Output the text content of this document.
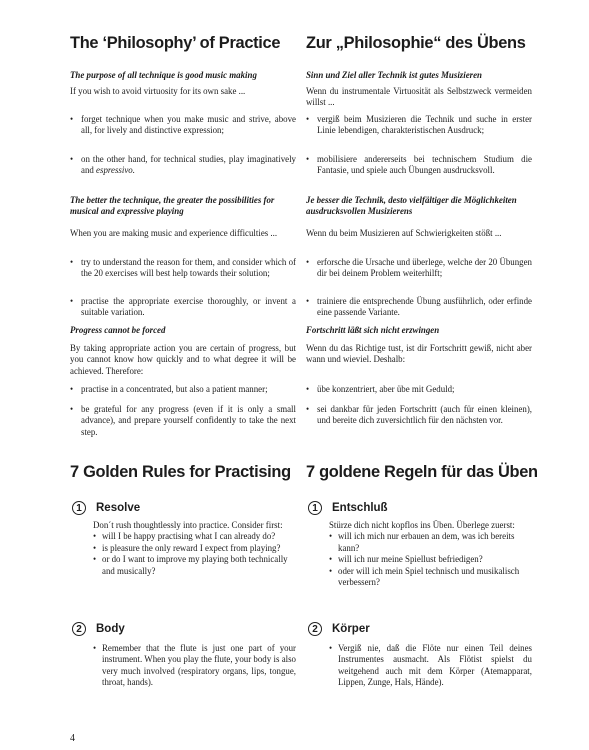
The ‘Philosophy’ of Practice

The purpose of all technique is good music making

If you wish to avoid virtuosity for its own sake ...

• forget technique when you make music and strive, above all, for lively and distinctive expression;

• on the other hand, for technical studies, play imaginatively and espressivo.

The better the technique, the greater the possibilities for musical and expressive playing

When you are making music and experience difficulties ...

• try to understand the reason for them, and consider which of the 20 exercises will best help towards their solution;

• practise the appropriate exercise thoroughly, or invent a suitable variation.

Progress cannot be forced

By taking appropriate action you are certain of progress, but you cannot know how quickly and to what degree it will be achieved. Therefore:

• practise in a concentrated, but also a patient manner;

• be grateful for any progress (even if it is only a small advance), and prepare yourself confidently to take the next step.

7 Golden Rules for Practising
1	Resolve

Don´t rush thoughtlessly into practice. Consider first:

• will I be happy practising what I can already do?

• is pleasure the only reward I expect from playing?

• or do I want to improve my playing both technically and musically?

2	Body

• Remember that the flute is just one part of your instrument. When you play the flute, your body is also very much involved (respiratory organs, lips, tongue, throat, hands).

Zur „Philosophie“ des Übens

Sinn und Ziel aller Technik ist gutes Musizieren

Wenn du instrumentale Virtuosität als Selbstzweck vermeiden willst ...

• vergiß beim Musizieren die Technik und suche in erster Linie lebendigen, charakteristischen Ausdruck;

• mobilisiere andererseits bei technischem Studium die Fantasie, und spiele auch Übungen ausdrucksvoll.

Je besser die Technik, desto vielfältiger die Möglichkeiten ausdrucksvollen Musizierens

Wenn du beim Musizieren auf Schwierigkeiten stößt ...

• erforsche die Ursache und überlege, welche der 20 Übungen dir bei deinem Problem weiterhilft;

• trainiere die entsprechende Übung ausführlich, oder erfinde eine passende Variante.

Fortschritt läßt sich nicht erzwingen

Wenn du das Richtige tust, ist dir Fortschritt gewiß, nicht aber wann und wieviel. Deshalb:

• übe konzentriert, aber übe mit Geduld;

• sei dankbar für jeden Fortschritt (auch für einen kleinen), und bereite dich zuversichtlich für den nächsten vor.

7 goldene Regeln für das Üben
1	Entschluß

Stürze dich nicht kopflos ins Üben. Überlege zuerst:

• will ich mich nur erbauen an dem, was ich bereits kann?

• will ich nur meine Spiellust befriedigen?

• oder will ich mein Spiel technisch und musikalisch verbessern?

2	Körper

• Vergiß nie, daß die Flöte nur einen Teil deines Instrumentes ausmacht. Als Flötist spielst du weitgehend auch mit dem Körper (Atemapparat, Lippen, Zunge, Hals, Hände).

4
